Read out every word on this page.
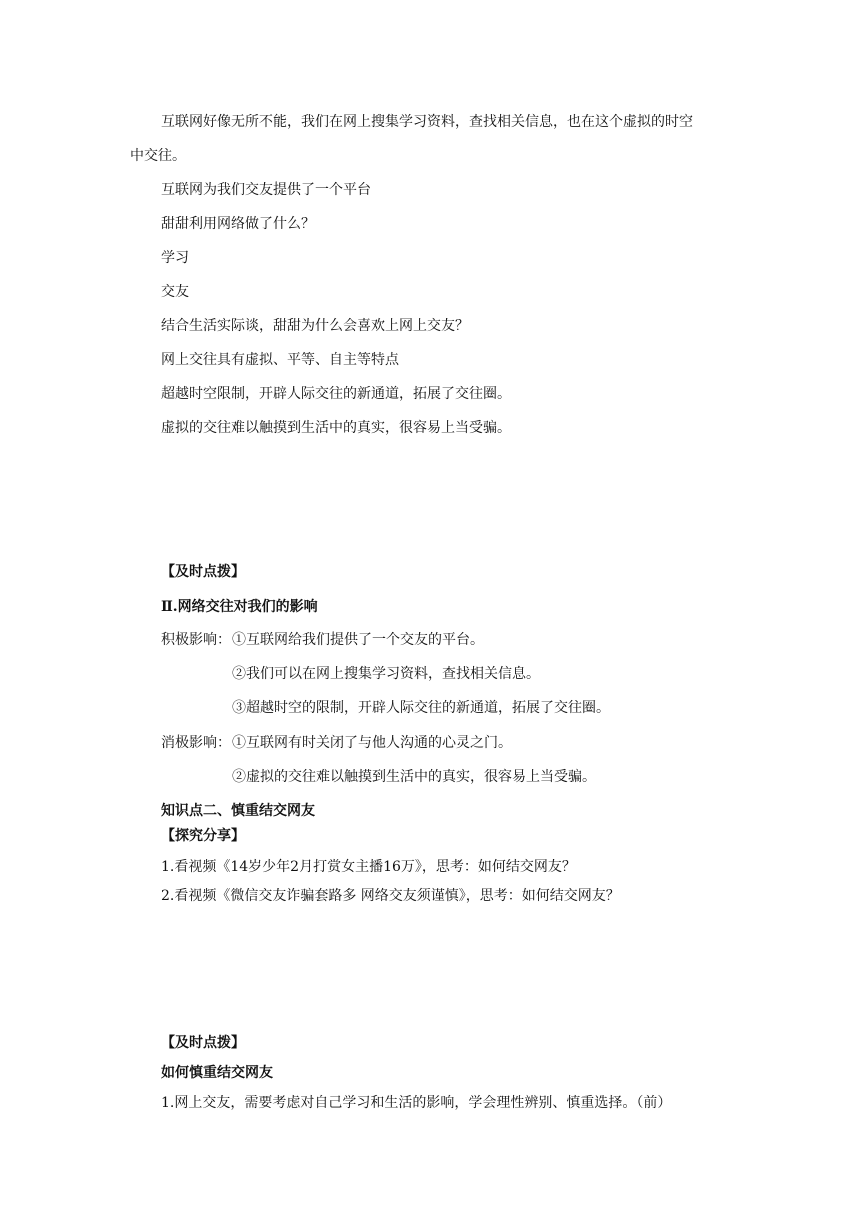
互联网好像无所不能，我们在网上搜集学习资料，查找相关信息，也在这个虚拟的时空
中交往。
互联网为我们交友提供了一个平台
甜甜利用网络做了什么？
学习
交友
结合生活实际谈，甜甜为什么会喜欢上网上交友？
网上交往具有虚拟、平等、自主等特点
超越时空限制，开辟人际交往的新通道，拓展了交往圈。
虚拟的交往难以触摸到生活中的真实，很容易上当受骗。
【及时点拨】
Ⅱ.网络交往对我们的影响
积极影响： ①互联网给我们提供了一个交友的平台。
②我们可以在网上搜集学习资料，查找相关信息。
③超越时空的限制，开辟人际交往的新通道，拓展了交往圈。
消极影响： ①互联网有时关闭了与他人沟通的心灵之门。
②虚拟的交往难以触摸到生活中的真实，很容易上当受骗。
知识点二、慎重结交网友
【探究分享】
1.看视频《14岁少年2月打赏女主播16万》，思考：如何结交网友？
2.看视频《微信交友诈骗套路多 网络交友须谨慎》，思考：如何结交网友？
【及时点拨】
如何慎重结交网友
1.网上交友，需要考虑对自己学习和生活的影响，学会理性辨别、慎重选择。（前）
